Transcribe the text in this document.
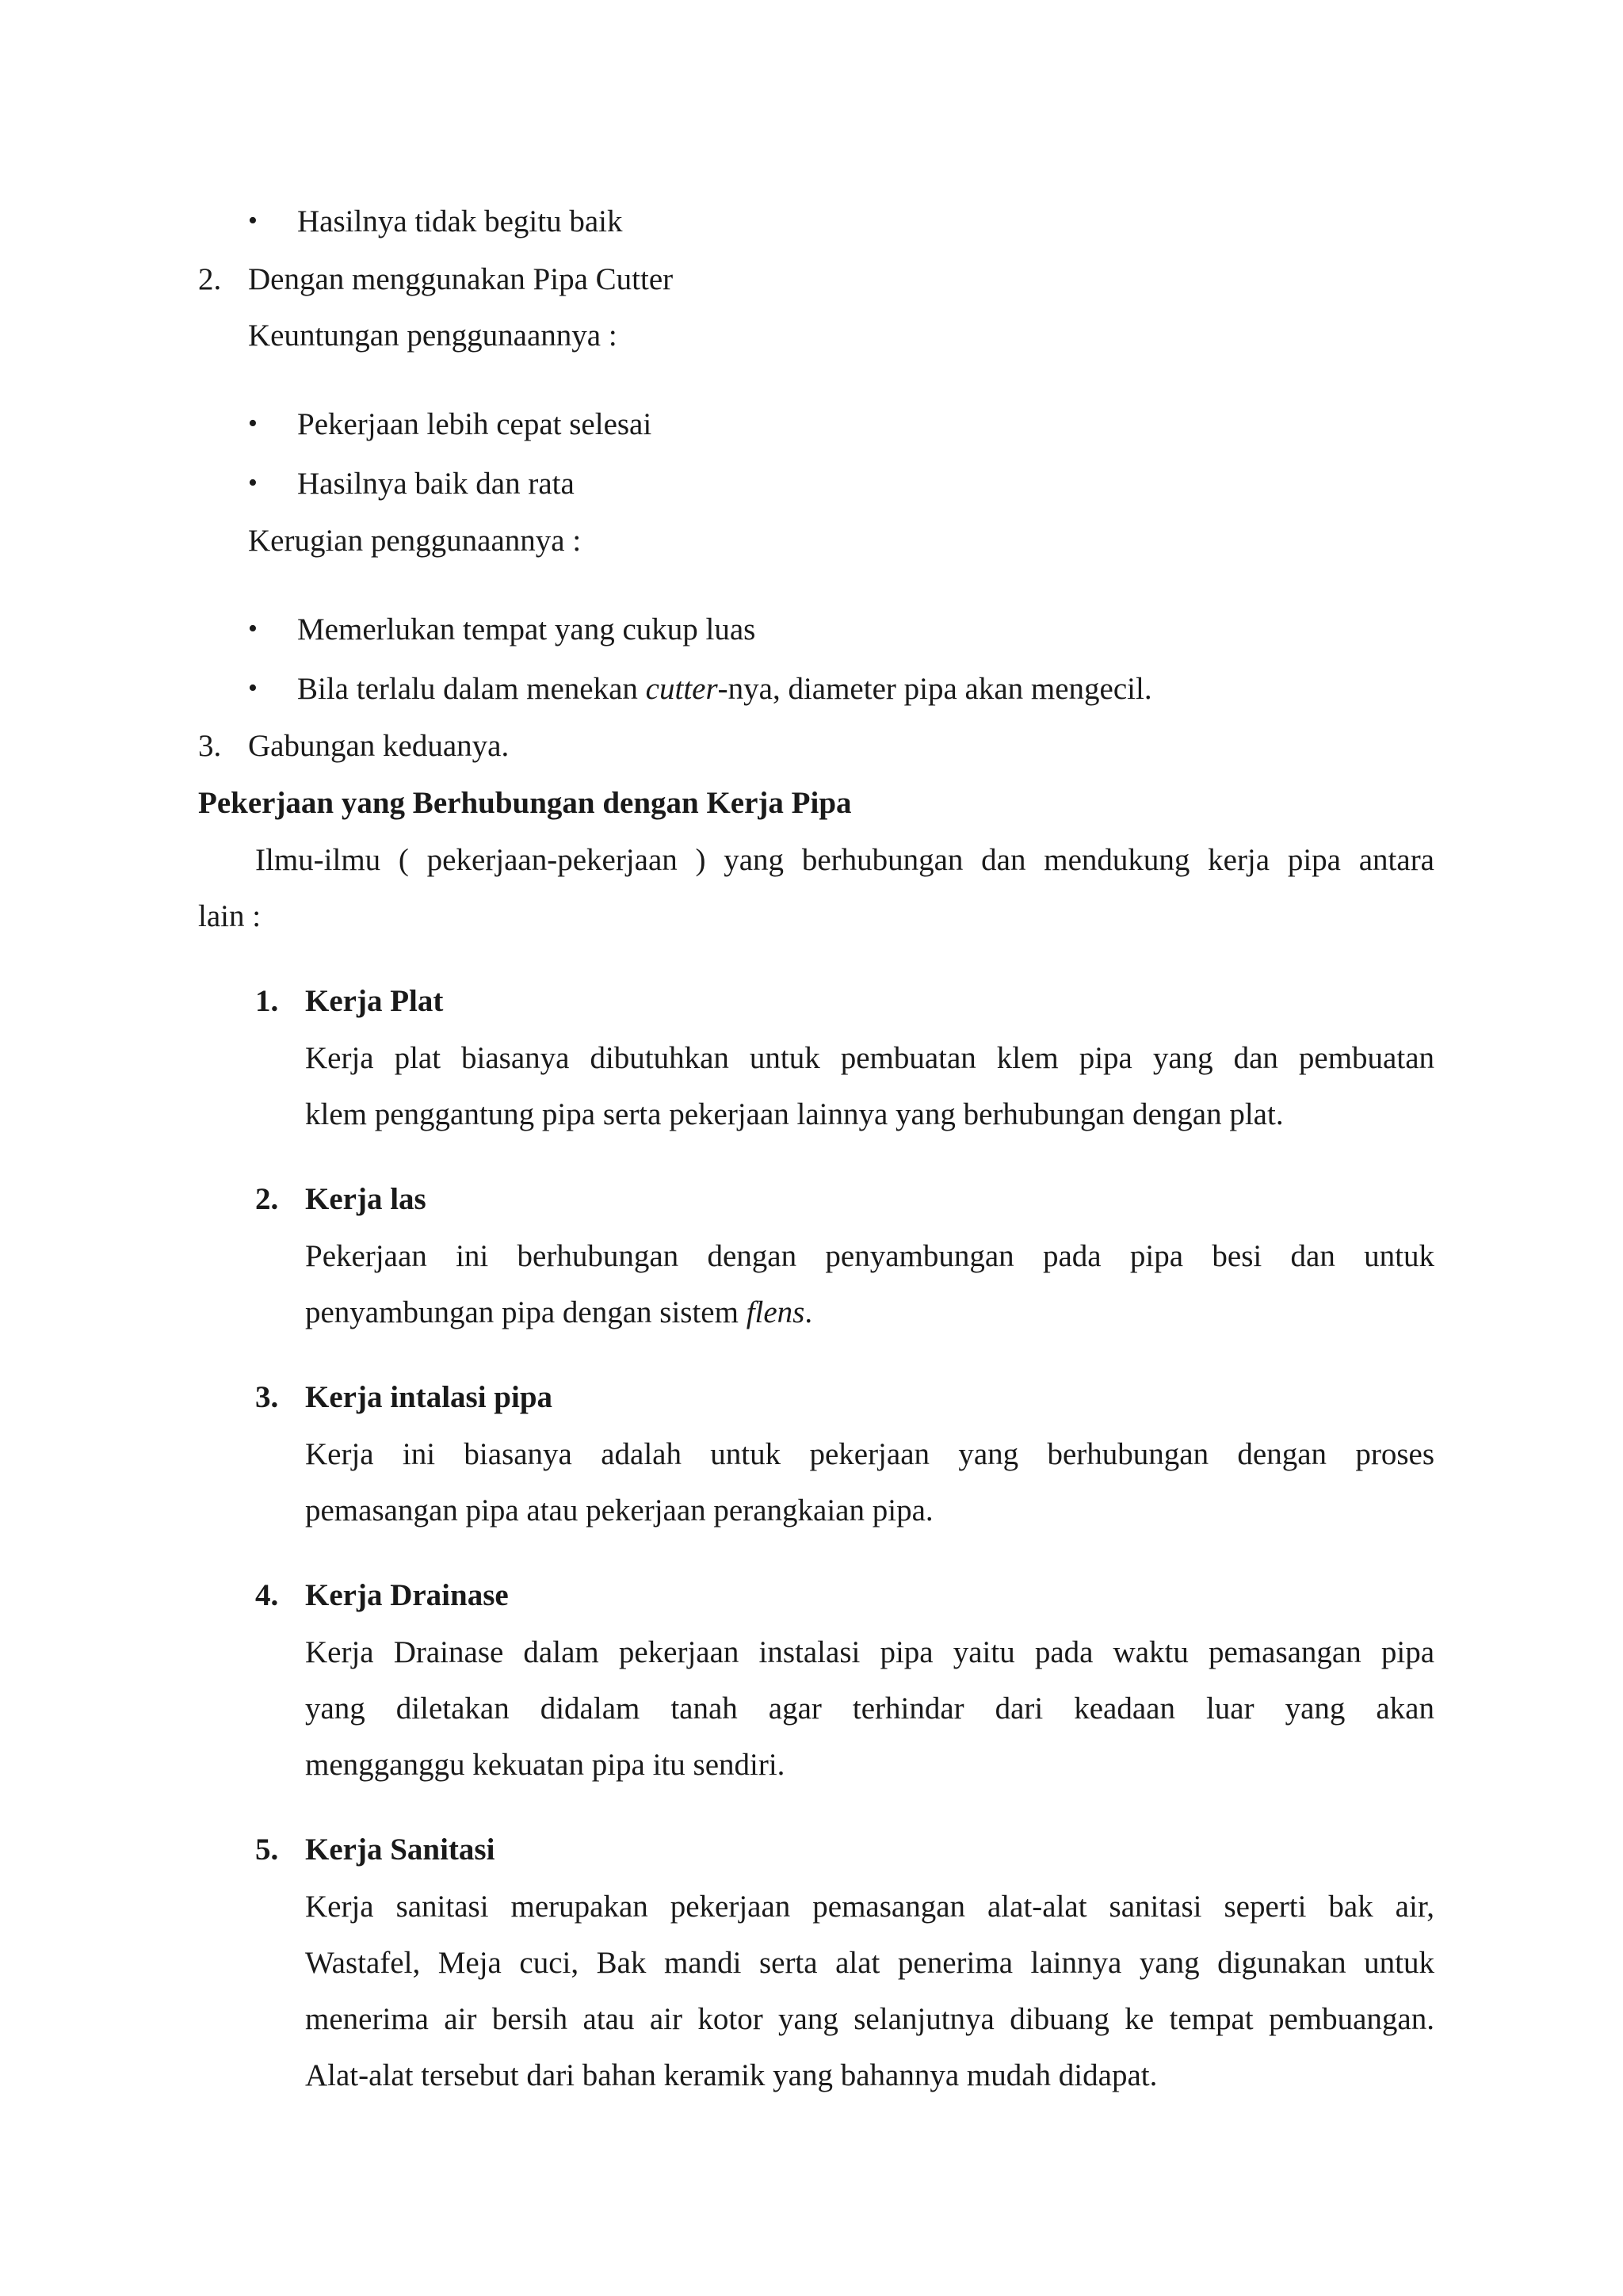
• Hasilnya tidak begitu baik
2. Dengan menggunakan Pipa Cutter
Keuntungan penggunaannya :
• Pekerjaan lebih cepat selesai
• Hasilnya baik dan rata
Kerugian penggunaannya :
• Memerlukan tempat yang cukup luas
• Bila terlalu dalam menekan cutter-nya, diameter pipa akan mengecil.
3. Gabungan keduanya.
Pekerjaan yang Berhubungan dengan Kerja Pipa
Ilmu-ilmu ( pekerjaan-pekerjaan ) yang berhubungan dan mendukung kerja pipa antara
lain :
1. Kerja Plat
Kerja plat biasanya dibutuhkan untuk pembuatan klem pipa yang dan pembuatan
klem penggantung pipa serta pekerjaan lainnya yang berhubungan dengan plat.
2. Kerja las
Pekerjaan ini berhubungan dengan penyambungan pada pipa besi dan untuk
penyambungan pipa dengan sistem flens.
3. Kerja intalasi pipa
Kerja ini biasanya adalah untuk pekerjaan yang berhubungan dengan proses
pemasangan pipa atau pekerjaan perangkaian pipa.
4. Kerja Drainase
Kerja Drainase dalam pekerjaan instalasi pipa yaitu pada waktu pemasangan pipa
yang diletakan didalam tanah agar terhindar dari keadaan luar yang akan
mengganggu kekuatan pipa itu sendiri.
5. Kerja Sanitasi
Kerja sanitasi merupakan pekerjaan pemasangan alat-alat sanitasi seperti bak air,
Wastafel, Meja cuci, Bak mandi serta alat penerima lainnya yang digunakan untuk
menerima air bersih atau air kotor yang selanjutnya dibuang ke tempat pembuangan.
Alat-alat tersebut dari bahan keramik yang bahannya mudah didapat.
